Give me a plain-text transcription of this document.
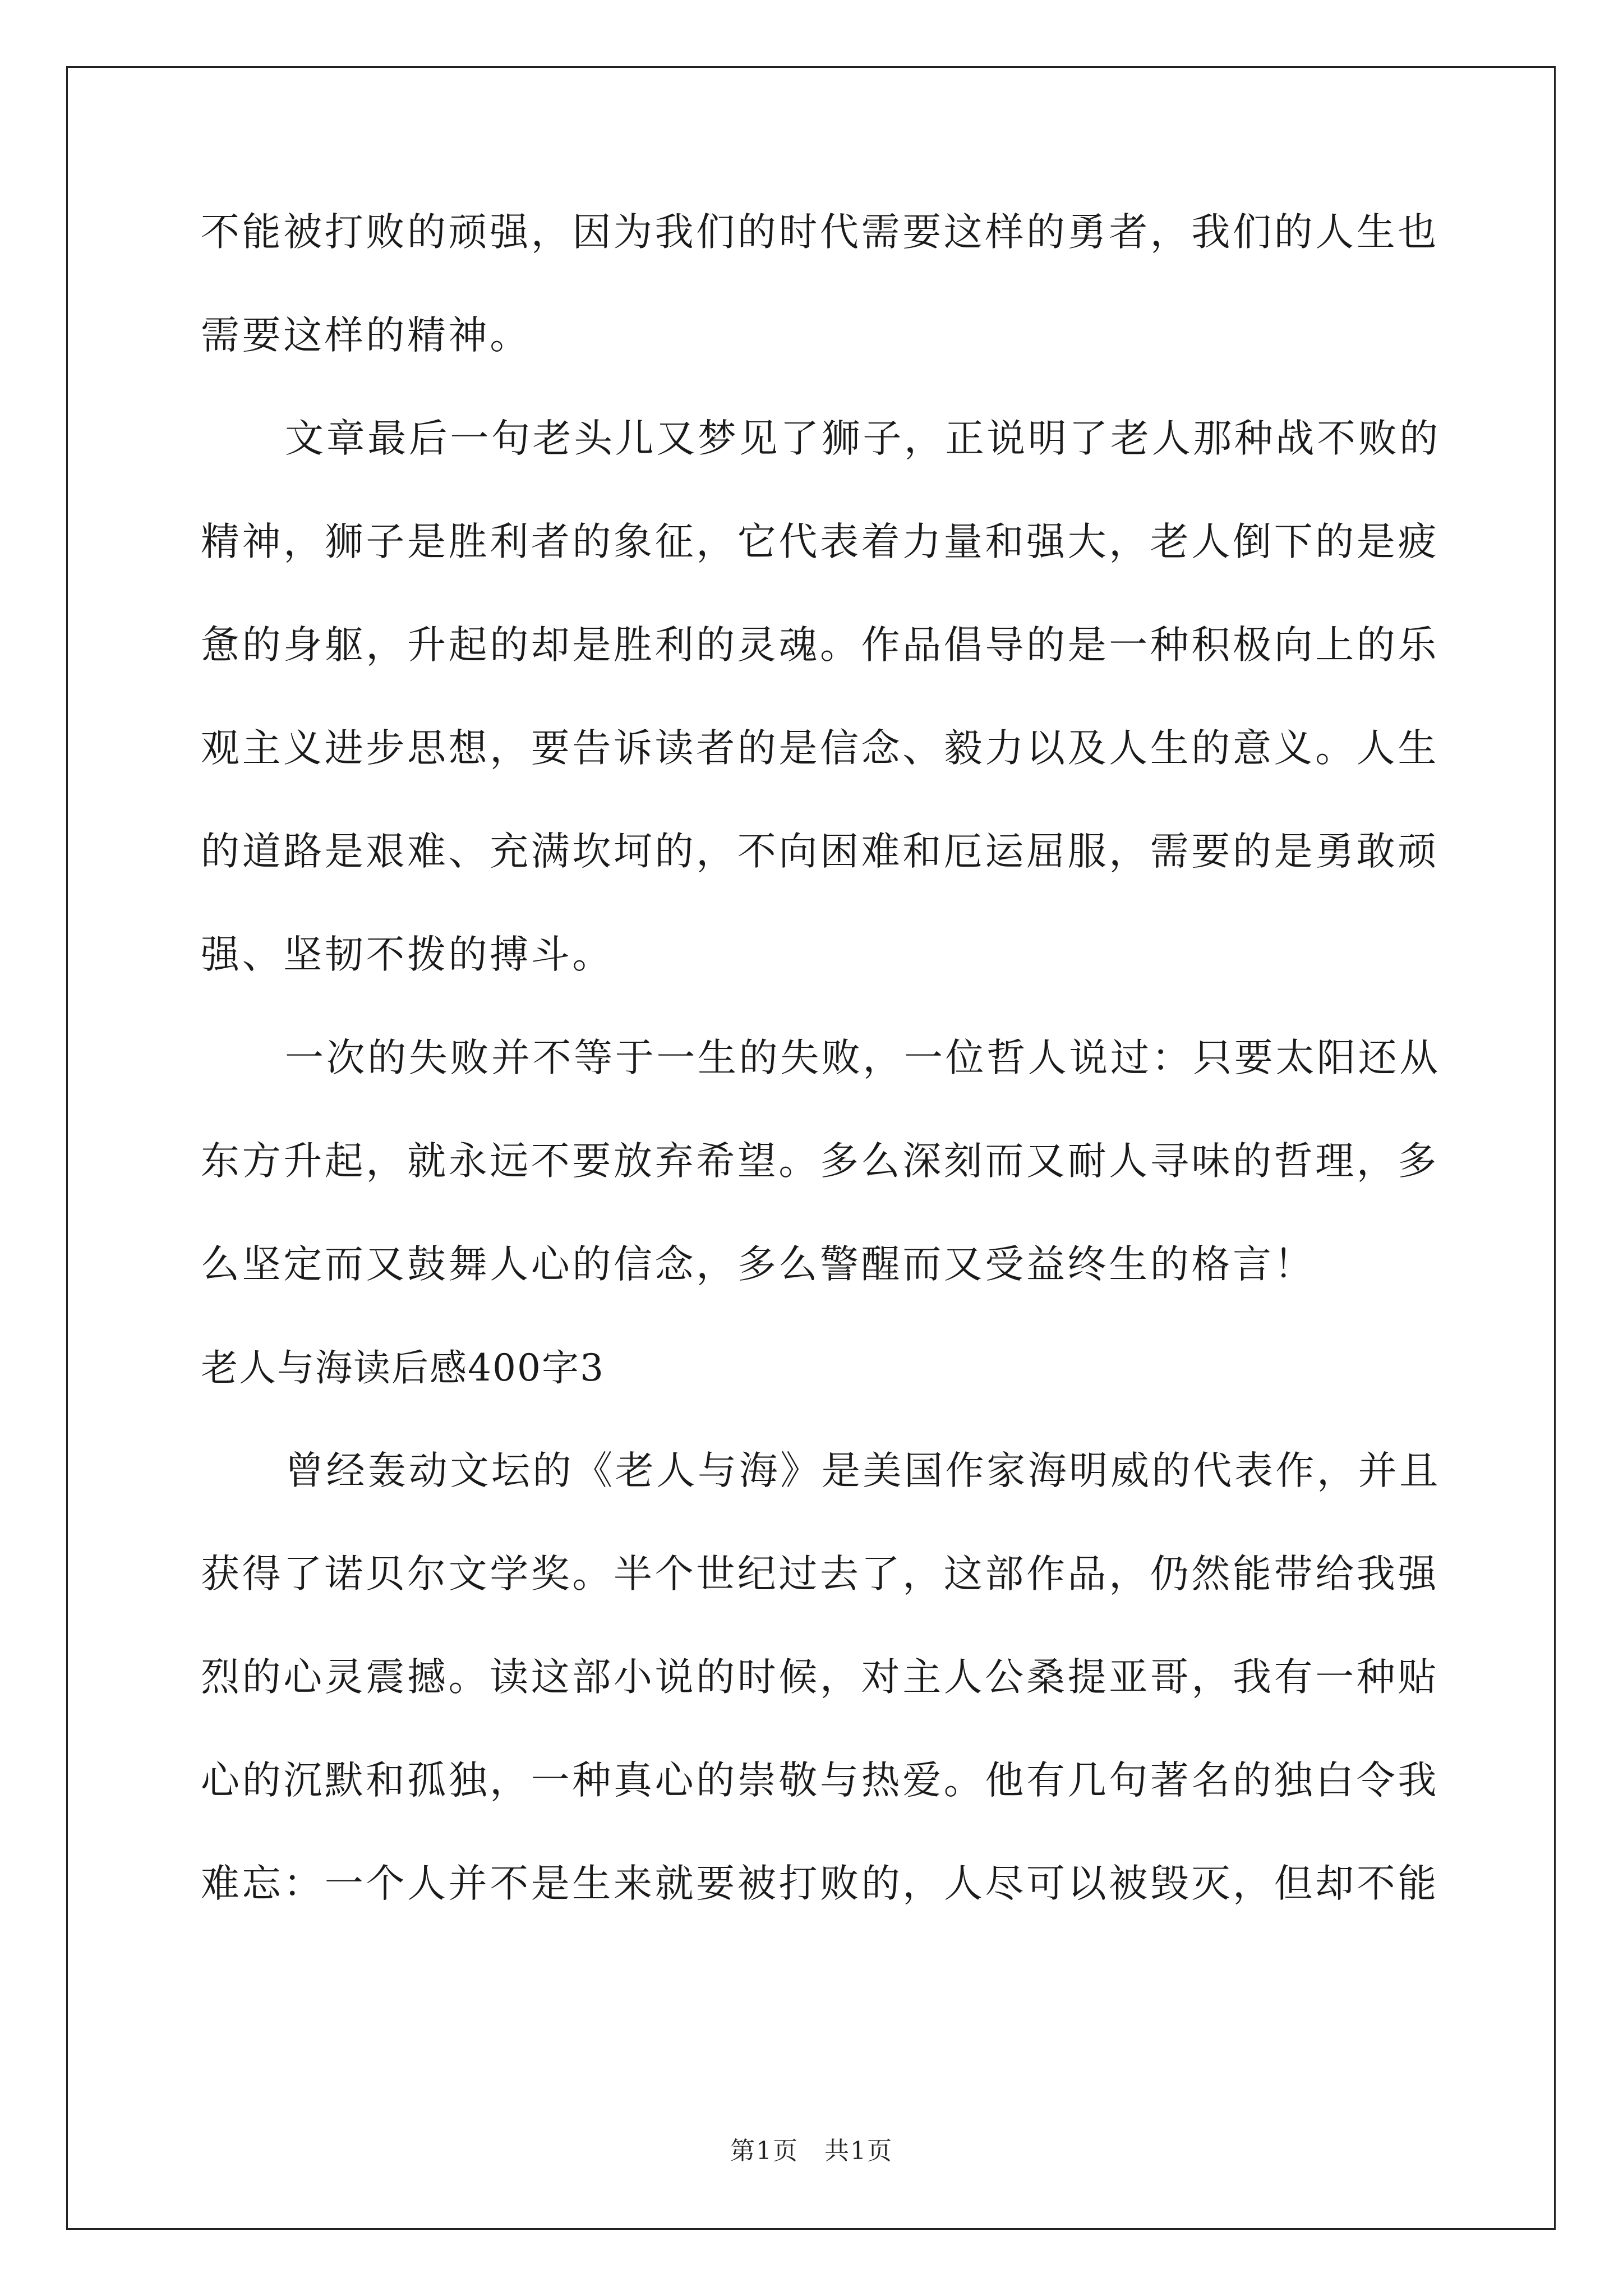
不能被打败的顽强，因为我们的时代需要这样的勇者，我们的人生也
需要这样的精神。
文章最后一句老头儿又梦见了狮子，正说明了老人那种战不败的
精神，狮子是胜利者的象征，它代表着力量和强大，老人倒下的是疲
惫的身躯，升起的却是胜利的灵魂。作品倡导的是一种积极向上的乐
观主义进步思想，要告诉读者的是信念、毅力以及人生的意义。人生
的道路是艰难、充满坎坷的，不向困难和厄运屈服，需要的是勇敢顽
强、坚韧不拨的搏斗。
一次的失败并不等于一生的失败，一位哲人说过：只要太阳还从
东方升起，就永远不要放弃希望。多么深刻而又耐人寻味的哲理，多
么坚定而又鼓舞人心的信念，多么警醒而又受益终生的格言！
老人与海读后感400字3
曾经轰动文坛的《老人与海》是美国作家海明威的代表作，并且
获得了诺贝尔文学奖。半个世纪过去了，这部作品，仍然能带给我强
烈的心灵震撼。读这部小说的时候，对主人公桑提亚哥，我有一种贴
心的沉默和孤独，一种真心的崇敬与热爱。他有几句著名的独白令我
难忘：一个人并不是生来就要被打败的，人尽可以被毁灭，但却不能
第1页　共1页
